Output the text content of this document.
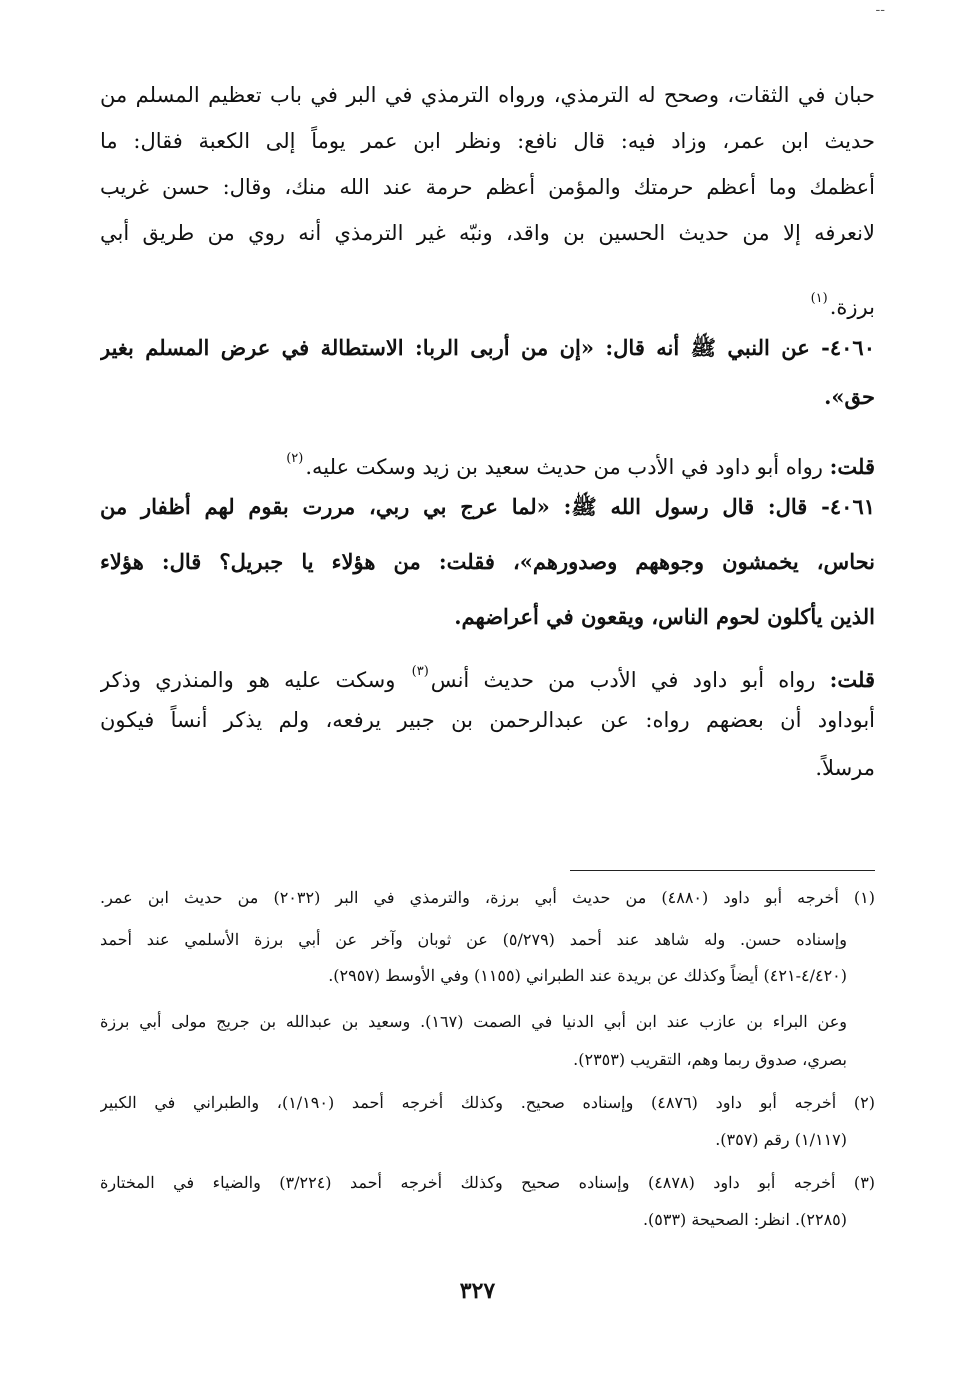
--
حبان في الثقات، وصحح له الترمذي، ورواه الترمذي في البر في باب تعظيم المسلم من
حديث ابن عمر، وزاد فيه: قال نافع: ونظر ابن عمر يوماً إلى الكعبة فقال: ما
أعظمك وما أعظم حرمتك والمؤمن أعظم حرمة عند الله منك، وقال: حسن غريب
لانعرفه إلا من حديث الحسين بن واقد، ونبّه غير الترمذي أنه روي من طريق أبي
برزة.$^{(١)}$
٤٠٦٠- عن النبي ﷺ أنه قال: «إن من أربى الربا: الاستطالة في عرض المسلم بغير
حق».
قلت: رواه أبو داود في الأدب من حديث سعيد بن زيد وسكت عليه.$^{(٢)}$
٤٠٦١- قال: قال رسول الله ﷺ: «لما عرج بي ربي، مررت بقوم لهم أظفار من
نحاس، يخمشون وجوههم وصدورهم»، فقلت: من هؤلاء يا جبريل؟ قال: هؤلاء
الذين يأكلون لحوم الناس، ويقعون في أعراضهم.
قلت: رواه أبو داود في الأدب من حديث أنس$^{(٣)}$ وسكت عليه هو والمنذري وذكر
أبوداود أن بعضهم رواه: عن عبدالرحمن بن جبير يرفعه، ولم يذكر أنساً فيكون
مرسلاً.
(١) أخرجه أبو داود (٤٨٨٠) من حديث أبي برزة، والترمذي في البر (٢٠٣٢) من حديث ابن عمر.
وإسناده حسن. وله شاهد عند أحمد (٥/٢٧٩) عن ثوبان وآخر عن أبي برزة الأسلمي عند أحمد
(٤/٤٢٠-٤٢١) أيضاً وكذلك عن بريدة عند الطبراني (١١٥٥) وفي الأوسط (٢٩٥٧).
وعن البراء بن عازب عند ابن أبي الدنيا في الصمت (١٦٧). وسعيد بن عبدالله بن جريج مولى أبي برزة
بصري، صدوق ربما وهم، التقريب (٢٣٥٣).
(٢) أخرجه أبو داود (٤٨٧٦) وإسناده صحيح. وكذلك أخرجه أحمد (١/١٩٠)، والطبراني في الكبير
(١/١١٧) رقم (٣٥٧).
(٣) أخرجه أبو داود (٤٨٧٨) وإسناده صحيح وكذلك أخرجه أحمد (٣/٢٢٤) والضياء في المختارة
(٢٢٨٥). انظر: الصحيحة (٥٣٣).
٣٢٧
